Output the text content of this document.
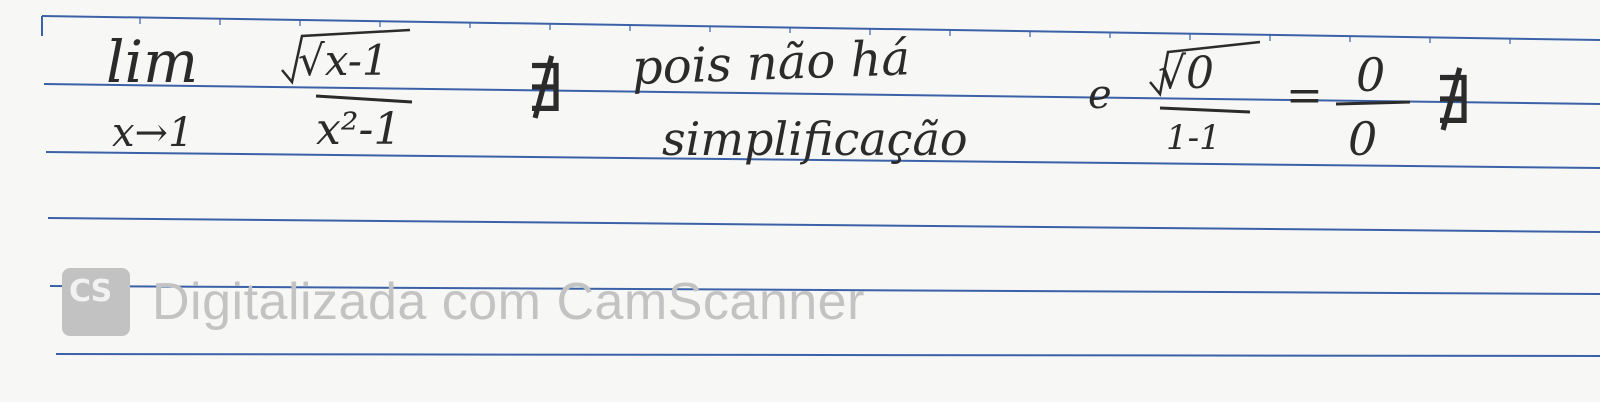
lim
x→1
√x-1
x²-1
∄ pois não há
simplificação
e √0
1-1
= 0
0 ∄
CS Digitalizada com CamScanner
